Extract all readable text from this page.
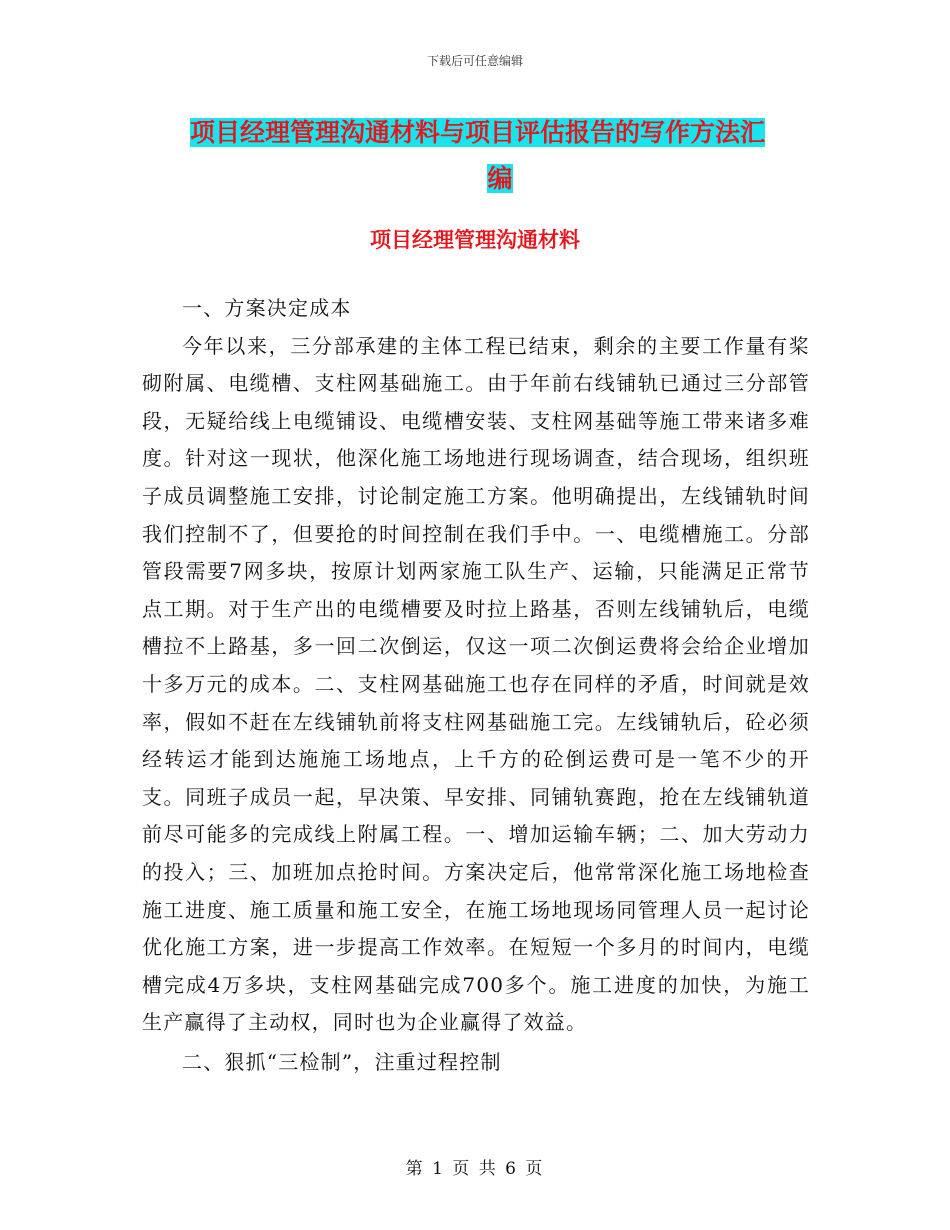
下载后可任意编辑
项目经理管理沟通材料与项目评估报告的写作方法汇
编
项目经理管理沟通材料

一、方案决定成本

今年以来，三分部承建的主体工程已结束，剩余的主要工作量有桨砌附属、电缆槽、支柱网基础施工。由于年前右线铺轨已通过三分部管段，无疑给线上电缆铺设、电缆槽安装、支柱网基础等施工带来诸多难度。针对这一现状，他深化施工场地进行现场调查，结合现场，组织班子成员调整施工安排，讨论制定施工方案。他明确提出，左线铺轨时间我们控制不了，但要抢的时间控制在我们手中。一、电缆槽施工。分部管段需要7网多块，按原计划两家施工队生产、运输，只能满足正常节点工期。对于生产出的电缆槽要及时拉上路基，否则左线铺轨后，电缆槽拉不上路基，多一回二次倒运，仅这一项二次倒运费将会给企业增加十多万元的成本。二、支柱网基础施工也存在同样的矛盾，时间就是效率，假如不赶在左线铺轨前将支柱网基础施工完。左线铺轨后，砼必须经转运才能到达施施工场地点，上千方的砼倒运费可是一笔不少的开支。同班子成员一起，早决策、早安排、同铺轨赛跑，抢在左线铺轨道前尽可能多的完成线上附属工程。一、增加运输车辆；二、加大劳动力的投入；三、加班加点抢时间。方案决定后，他常常深化施工场地检查施工进度、施工质量和施工安全，在施工场地现场同管理人员一起讨论优化施工方案，进一步提高工作效率。在短短一个多月的时间内，电缆槽完成4万多块，支柱网基础完成700多个。施工进度的加快，为施工生产赢得了主动权，同时也为企业赢得了效益。

二、狠抓“三检制”，注重过程控制

第 1 页 共 6 页
